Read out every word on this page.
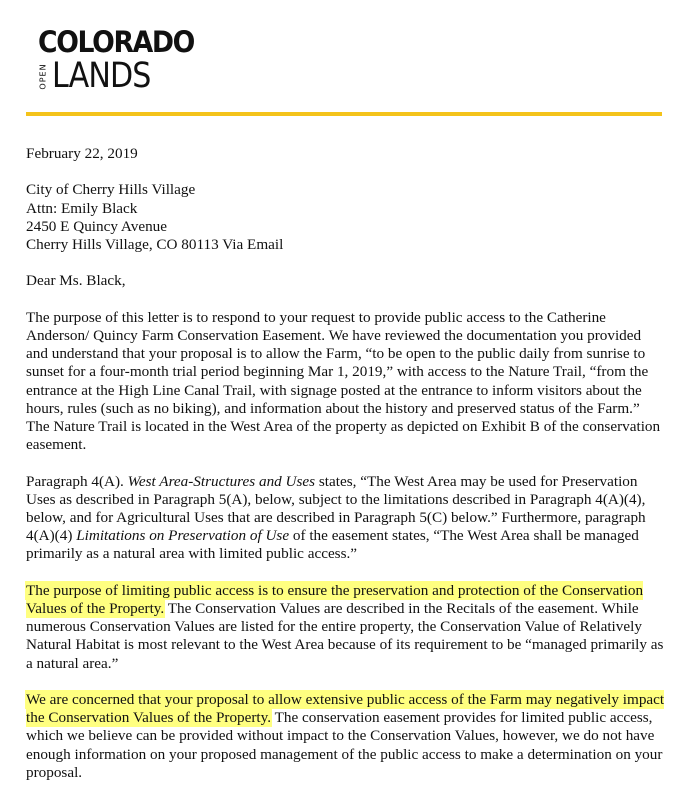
COLORADO
OPEN LANDS

February 22, 2019

City of Cherry Hills Village
Attn: Emily Black
2450 E Quincy Avenue
Cherry Hills Village, CO 80113 Via Email

Dear Ms. Black,

The purpose of this letter is to respond to your request to provide public access to the Catherine Anderson/ Quincy Farm Conservation Easement. We have reviewed the documentation you provided and understand that your proposal is to allow the Farm, “to be open to the public daily from sunrise to sunset for a four-month trial period beginning Mar 1, 2019,” with access to the Nature Trail, “from the entrance at the High Line Canal Trail, with signage posted at the entrance to inform visitors about the hours, rules (such as no biking), and information about the history and preserved status of the Farm.” The Nature Trail is located in the West Area of the property as depicted on Exhibit B of the conservation easement.

Paragraph 4(A). West Area-Structures and Uses states, “The West Area may be used for Preservation Uses as described in Paragraph 5(A), below, subject to the limitations described in Paragraph 4(A)(4), below, and for Agricultural Uses that are described in Paragraph 5(C) below.” Furthermore, paragraph 4(A)(4) Limitations on Preservation of Use of the easement states, “The West Area shall be managed primarily as a natural area with limited public access.”

The purpose of limiting public access is to ensure the preservation and protection of the Conservation Values of the Property. The Conservation Values are described in the Recitals of the easement. While numerous Conservation Values are listed for the entire property, the Conservation Value of Relatively Natural Habitat is most relevant to the West Area because of its requirement to be “managed primarily as a natural area.”

We are concerned that your proposal to allow extensive public access of the Farm may negatively impact the Conservation Values of the Property. The conservation easement provides for limited public access, which we believe can be provided without impact to the Conservation Values, however, we do not have enough information on your proposed management of the public access to make a determination on your proposal.
